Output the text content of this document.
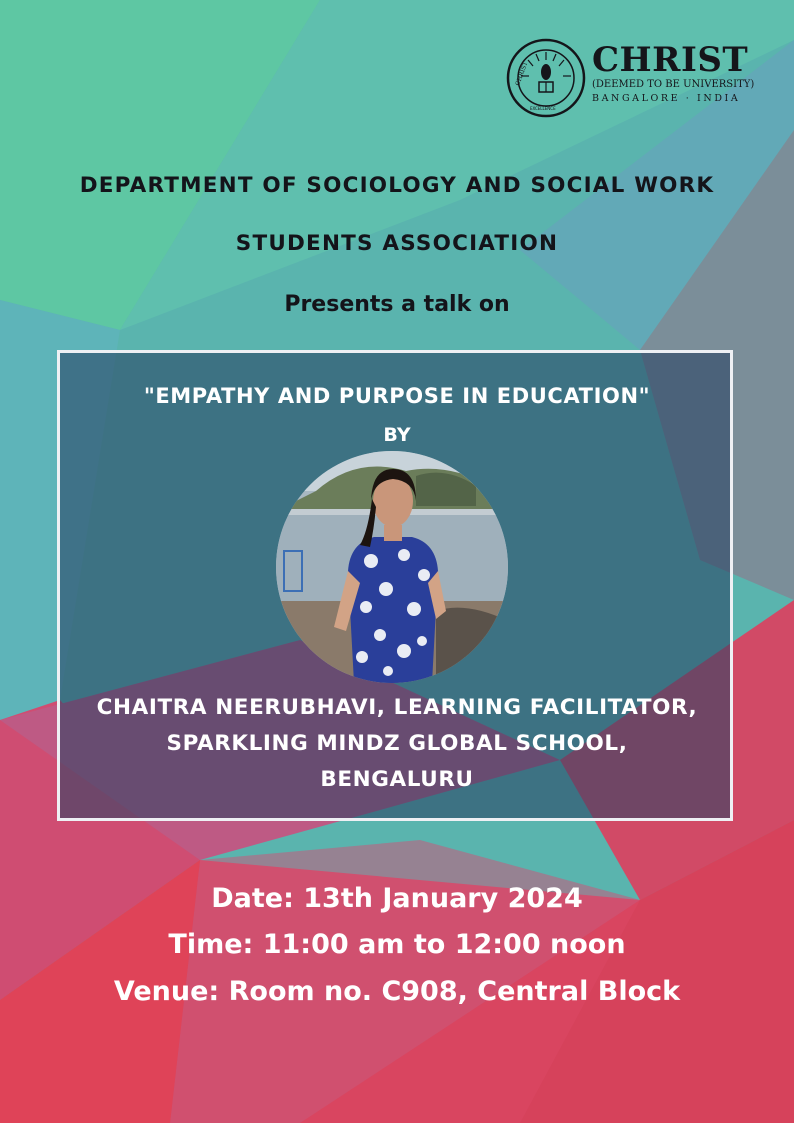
CHRIST
EXCELLENCE
CHRIST
(DEEMED TO BE UNIVERSITY)
BANGALORE · INDIA
DEPARTMENT OF SOCIOLOGY AND SOCIAL WORK
STUDENTS ASSOCIATION
Presents a talk on
"EMPATHY AND PURPOSE IN EDUCATION"
BY
CHAITRA NEERUBHAVI, LEARNING FACILITATOR,
SPARKLING MINDZ GLOBAL SCHOOL,
BENGALURU
Date: 13th January 2024
Time: 11:00 am to 12:00 noon
Venue: Room no. C908, Central Block
